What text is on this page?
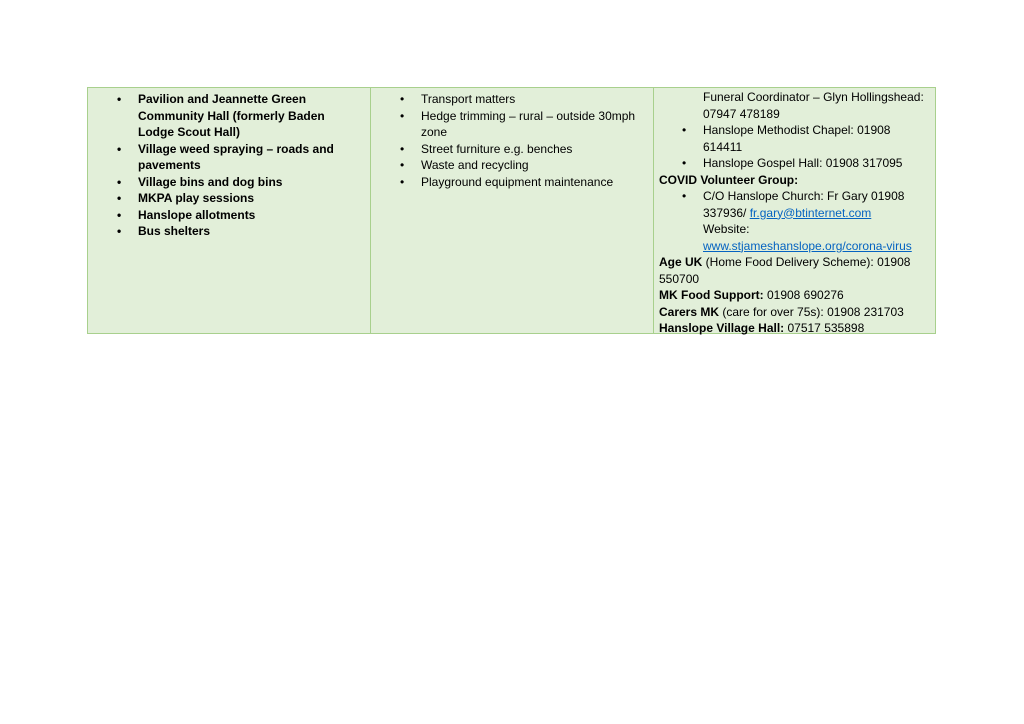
• Pavilion and Jeannette Green Community Hall (formerly Baden Lodge Scout Hall)
• Village weed spraying – roads and pavements
• Village bins and dog bins
• MKPA play sessions
• Hanslope allotments
• Bus shelters
• Transport matters
• Hedge trimming – rural – outside 30mph zone
• Street furniture e.g. benches
• Waste and recycling
• Playground equipment maintenance
Funeral Coordinator – Glyn Hollingshead: 07947 478189
• Hanslope Methodist Chapel: 01908 614411
• Hanslope Gospel Hall: 01908 317095
COVID Volunteer Group:
• C/O Hanslope Church: Fr Gary 01908 337936/ fr.gary@btinternet.com
Website:
www.stjameshanslope.org/corona-virus
Age UK (Home Food Delivery Scheme): 01908 550700
MK Food Support: 01908 690276
Carers MK (care for over 75s): 01908 231703
Hanslope Village Hall: 07517 535898
